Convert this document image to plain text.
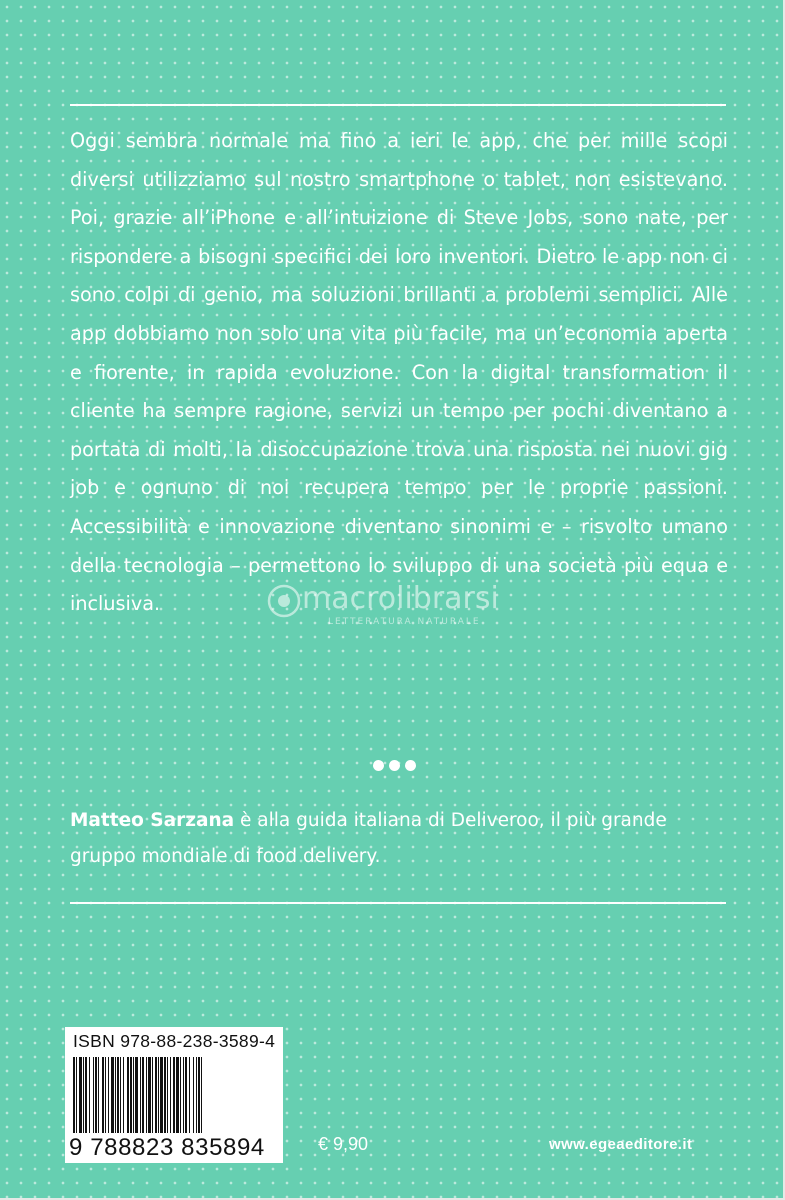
Oggi sembra normale ma fino a ieri le app, che per mille scopi diversi utilizziamo sul nostro smartphone o tablet, non esistevano. Poi, grazie all’iPhone e all’intuizione di Steve Jobs, sono nate, per rispondere a bisogni specifici dei loro inventori. Dietro le app non ci sono colpi di genio, ma soluzioni brillanti a problemi semplici. Alle app dobbiamo non solo una vita più facile, ma un’economia aperta e fiorente, in rapida evoluzione. Con la digital transformation il cliente ha sempre ragione, servizi un tempo per pochi diventano a portata di molti, la disoccupazione trova una risposta nei nuovi gig job e ognuno di noi recupera tempo per le proprie passioni. Accessibilità e innovazione diventano sinonimi e – risvolto umano della tecnologia – permettono lo sviluppo di una società più equa e inclusiva.	macrolibrarsi
LETTERATURA NATURALE

Matteo Sarzana è alla guida italiana di Deliveroo, il più grande gruppo mondiale di food delivery.

ISBN 978-88-238-3589-4
9 788823 835894	€ 9,90	www.egeaeditore.it
